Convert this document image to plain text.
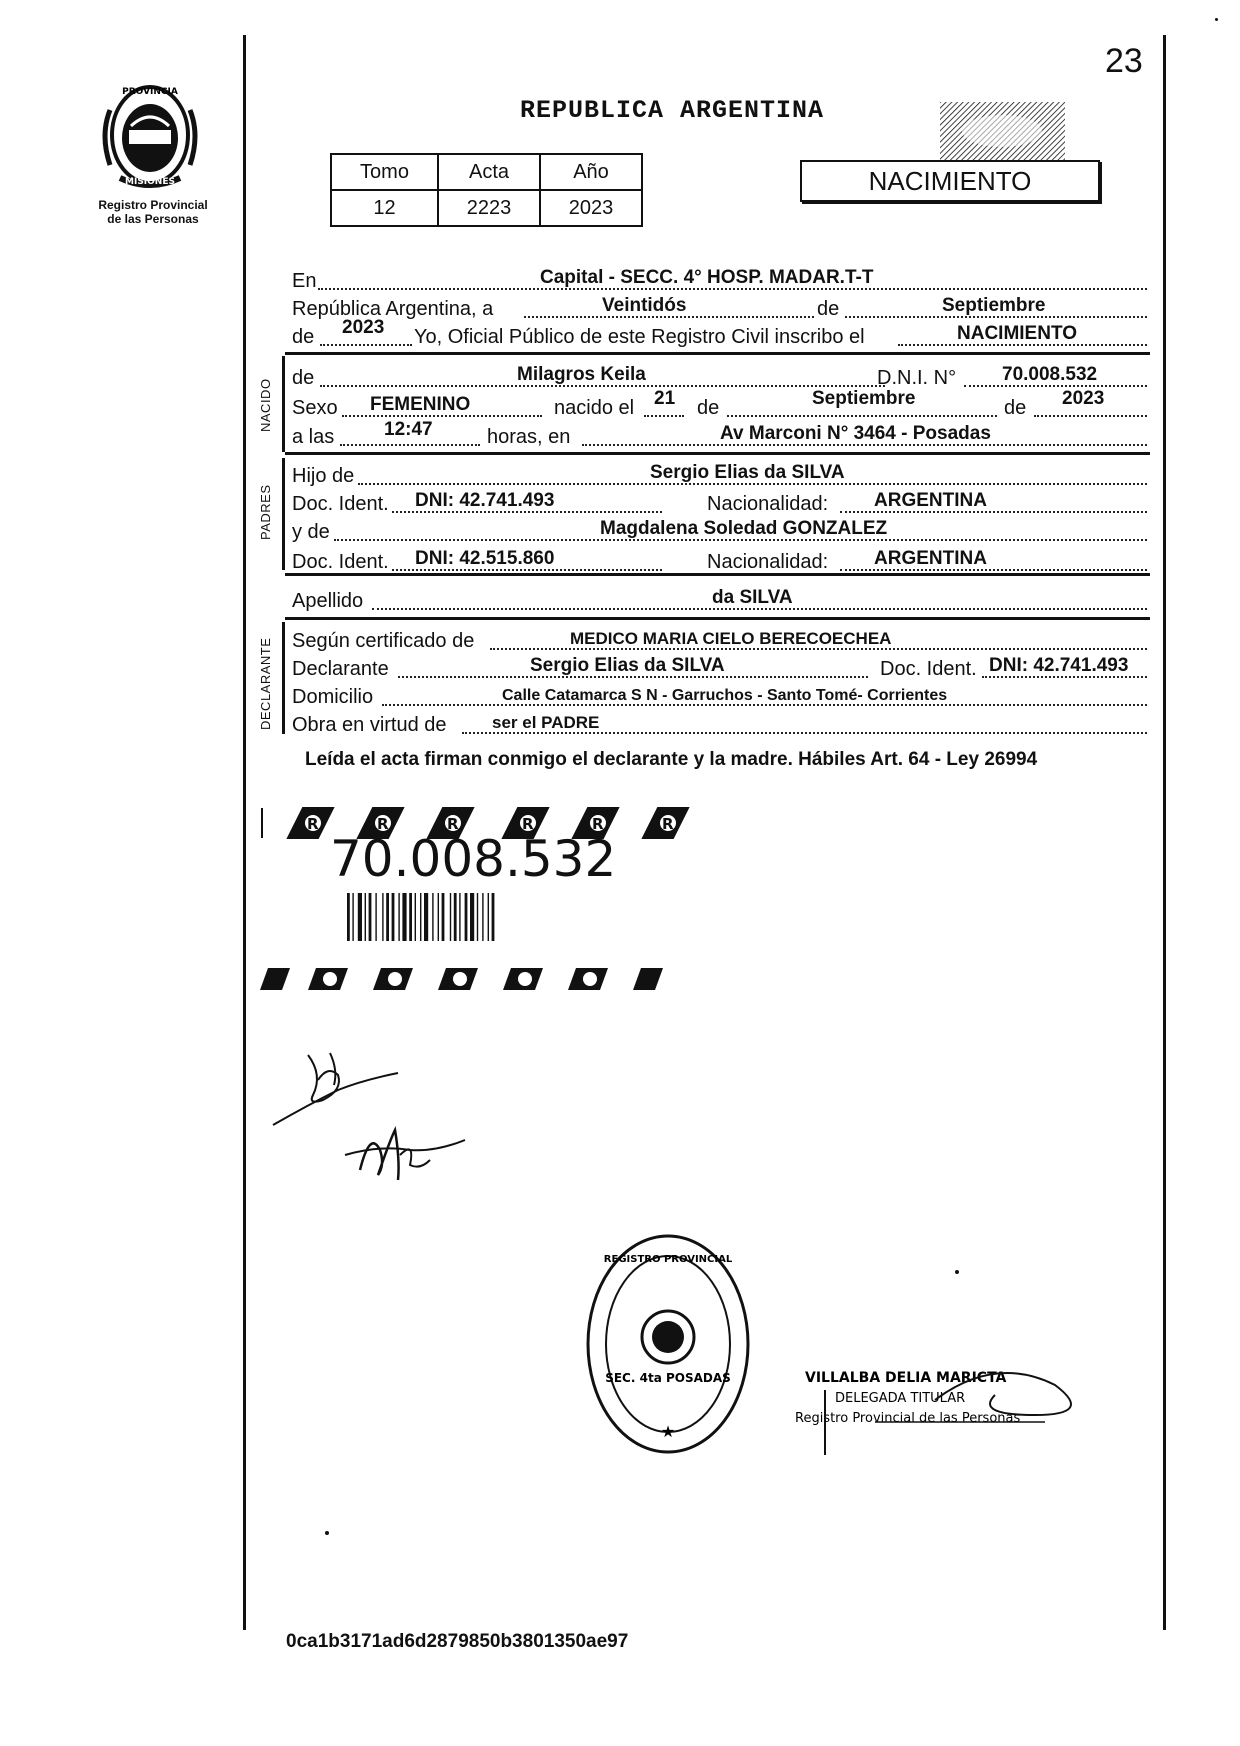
23
PROVINCIA
MISIONES
Registro Provincial
de las Personas
REPUBLICA ARGENTINA
Tomo	Acta	Año
12	2223	2023
NACIMIENTO
En	Capital - SECC. 4° HOSP. MADAR.T-T
República Argentina, a	Veintidós	de	Septiembre
de 2023 Yo, Oficial Público de este Registro Civil inscribo el	NACIMIENTO
NACIDO
de	Milagros Keila	D.N.I. N° 70.008.532
Sexo FEMENINO	nacido el 21 de	Septiembre	de 2023
a las	12:47	horas, en	Av Marconi N° 3464 - Posadas
PADRES
Hijo de	Sergio Elias da SILVA
Doc. Ident. DNI: 42.741.493	Nacionalidad: ARGENTINA
y de	Magdalena Soledad GONZALEZ
Doc. Ident. DNI: 42.515.860	Nacionalidad: ARGENTINA
Apellido	da SILVA
DECLARANTE Según certificado de	MEDICO MARIA CIELO BERECOECHEA
Declarante	Sergio Elias da SILVA	Doc. Ident. DNI: 42.741.493
Domicilio	Calle Catamarca S N - Garruchos - Santo Tomé- Corrientes
Obra en virtud de	ser el PADRE
Leída el acta firman conmigo el declarante y la madre. Hábiles Art. 64 - Ley 26994
R	R	R	R	R	R
70.008.532
SEC. 4ta POSADAS
★
REGISTRO PROVINCIAL
VILLALBA DELIA MARICTA
DELEGADA TITULAR
Registro Provincial de las Personas
0ca1b3171ad6d2879850b3801350ae97
